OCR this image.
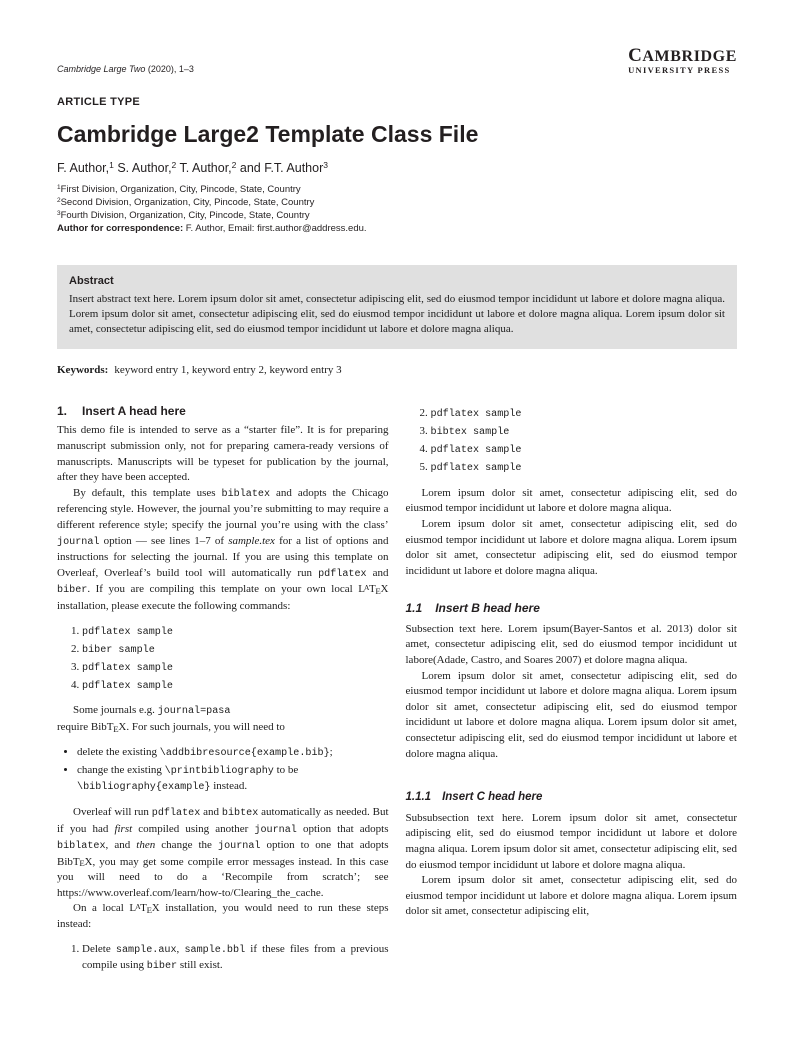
Cambridge Large Two (2020), 1–3
CAMBRIDGE
UNIVERSITY PRESS
ARTICLE TYPE
Cambridge Large2 Template Class File
F. Author,$^1$ S. Author,$^2$ T. Author,$^2$ and F.T. Author$^3$
$^1$First Division, Organization, City, Pincode, State, Country
$^2$Second Division, Organization, City, Pincode, State, Country
$^3$Fourth Division, Organization, City, Pincode, State, Country
Author for correspondence: F. Author, Email: first.author@address.edu.
Abstract
Insert abstract text here. Lorem ipsum dolor sit amet, consectetur adipiscing elit, sed do eiusmod tempor incididunt ut labore et dolore magna aliqua. Lorem ipsum dolor sit amet, consectetur adipiscing elit, sed do eiusmod tempor incididunt ut labore et dolore magna aliqua. Lorem ipsum dolor sit amet, consectetur adipiscing elit, sed do eiusmod tempor incididunt ut labore et dolore magna aliqua.
Keywords: keyword entry 1, keyword entry 2, keyword entry 3
1. Insert A head here

This demo file is intended to serve as a “starter file”. It is for preparing manuscript submission only, not for preparing camera-ready versions of manuscripts. Manuscripts will be typeset for publication by the journal, after they have been accepted.

By default, this template uses biblatex and adopts the Chicago referencing style. However, the journal you’re submitting to may require a different reference style; specify the journal you’re using with the class’ journal option — see lines 1–7 of sample.tex for a list of options and instructions for selecting the journal. If you are using this template on Overleaf, Overleaf’s build tool will automatically run pdflatex and biber. If you are compiling this template on your own local $L^ATEX$ installation, please execute the following commands:

1. pdflatex sample
2. biber sample
3. pdflatex sample
4. pdflatex sample

Some journals e.g. journal=pasa
require BibTEX. For such journals, you will need to

• delete the existing \addbibresource{example.bib};
• change the existing \printbibliography to be \bibliography{example} instead.

Overleaf will run pdflatex and bibtex automatically as needed. But if you had first compiled using another journal option that adopts biblatex, and then change the journal option to one that adopts BibTEX, you may get some compile error messages instead. In this case you will need to do a ‘Recompile from scratch’; see https://www.overleaf.com/learn/how-to/Clearing_the_cache.

On a local $L^ATEX$ installation, you would need to run these steps instead:

1. Delete sample.aux, sample.bbl if these files from a previous compile using biber still exist.
2. pdflatex sample
3. bibtex sample
4. pdflatex sample
5. pdflatex sample

Lorem ipsum dolor sit amet, consectetur adipiscing elit, sed do eiusmod tempor incididunt ut labore et dolore magna aliqua.

Lorem ipsum dolor sit amet, consectetur adipiscing elit, sed do eiusmod tempor incididunt ut labore et dolore magna aliqua. Lorem ipsum dolor sit amet, consectetur adipiscing elit, sed do eiusmod tempor incididunt ut labore et dolore magna aliqua.

1.1 Insert B head here

Subsection text here. Lorem ipsum(Bayer-Santos et al. 2013) dolor sit amet, consectetur adipiscing elit, sed do eiusmod tempor incididunt ut labore(Adade, Castro, and Soares 2007) et dolore magna aliqua.

Lorem ipsum dolor sit amet, consectetur adipiscing elit, sed do eiusmod tempor incididunt ut labore et dolore magna aliqua. Lorem ipsum dolor sit amet, consectetur adipiscing elit, sed do eiusmod tempor incididunt ut labore et dolore magna aliqua. Lorem ipsum dolor sit amet, consectetur adipiscing elit, sed do eiusmod tempor incididunt ut labore et dolore magna aliqua.

1.1.1 Insert C head here

Subsubsection text here. Lorem ipsum dolor sit amet, consectetur adipiscing elit, sed do eiusmod tempor incididunt ut labore et dolore magna aliqua. Lorem ipsum dolor sit amet, consectetur adipiscing elit, sed do eiusmod tempor incididunt ut labore et dolore magna aliqua.

Lorem ipsum dolor sit amet, consectetur adipiscing elit, sed do eiusmod tempor incididunt ut labore et dolore magna aliqua. Lorem ipsum dolor sit amet, consectetur adipiscing elit,
